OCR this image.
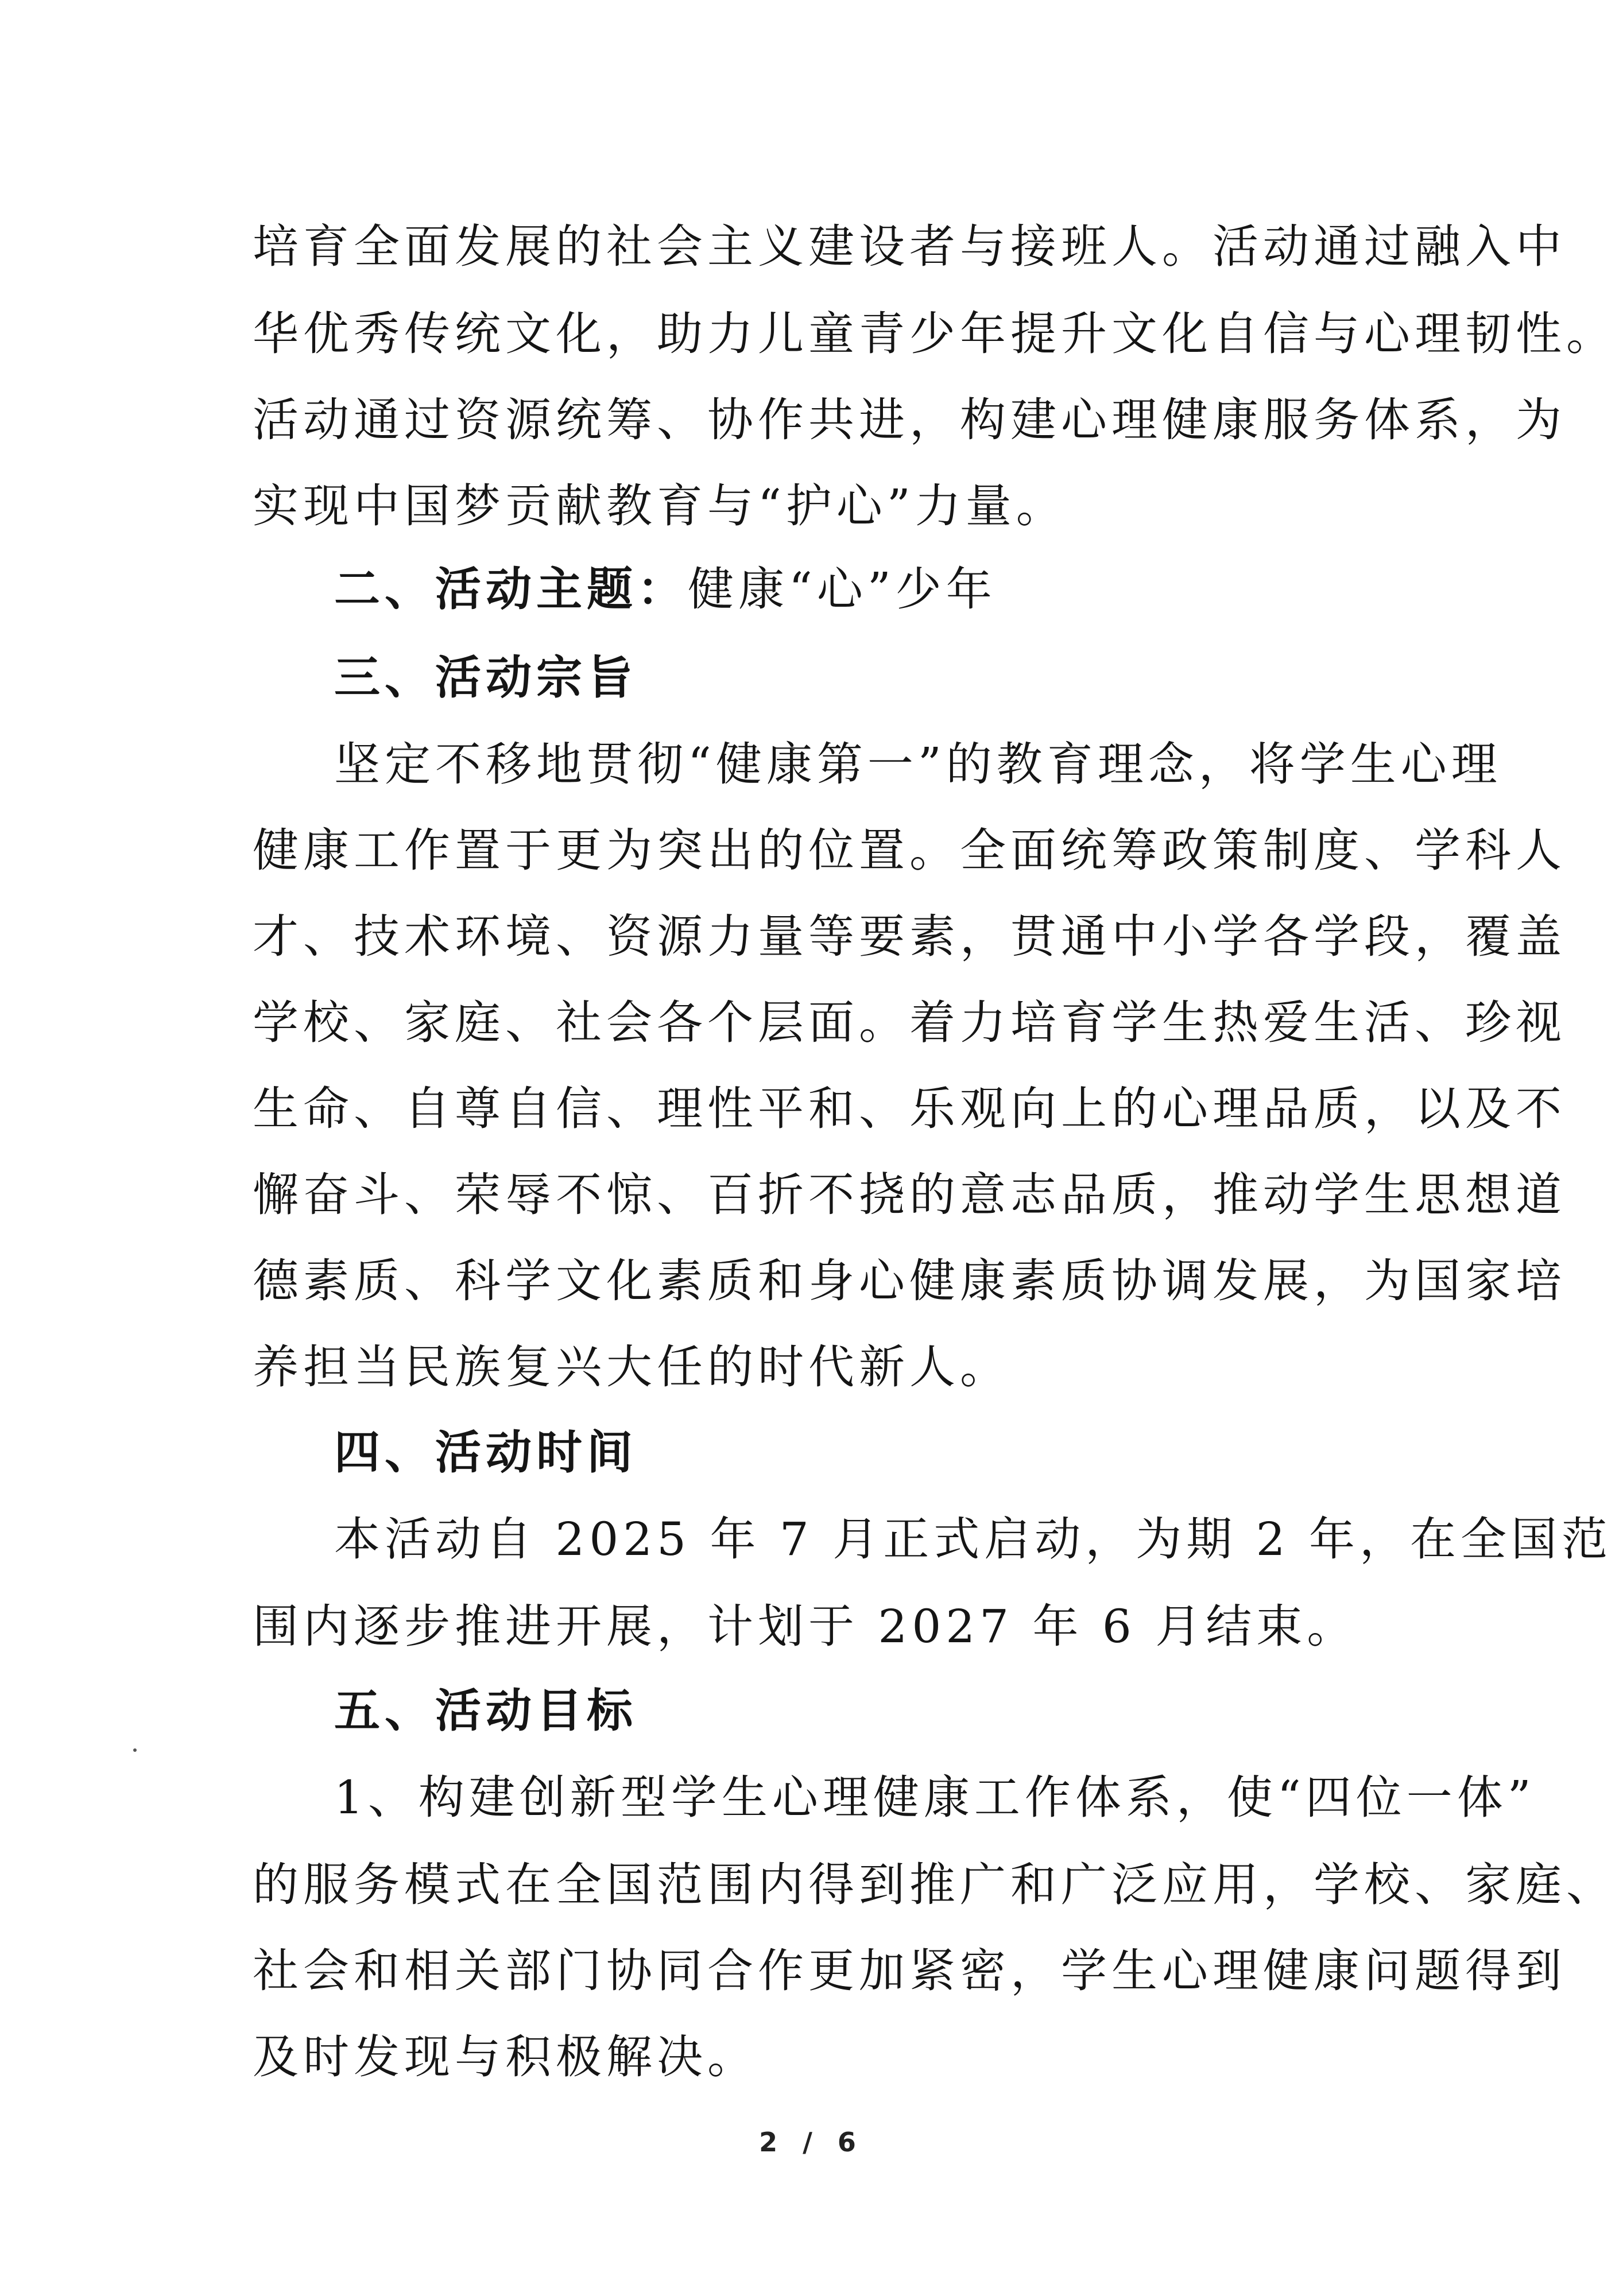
培育全面发展的社会主义建设者与接班人。活动通过融入中
华优秀传统文化，助力儿童青少年提升文化自信与心理韧性。
活动通过资源统筹、协作共进，构建心理健康服务体系，为
实现中国梦贡献教育与“护心”力量。
二、活动主题：健康“心”少年
三、活动宗旨
坚定不移地贯彻“健康第一”的教育理念，将学生心理
健康工作置于更为突出的位置。全面统筹政策制度、学科人
才、技术环境、资源力量等要素，贯通中小学各学段，覆盖
学校、家庭、社会各个层面。着力培育学生热爱生活、珍视
生命、自尊自信、理性平和、乐观向上的心理品质，以及不
懈奋斗、荣辱不惊、百折不挠的意志品质，推动学生思想道
德素质、科学文化素质和身心健康素质协调发展，为国家培
养担当民族复兴大任的时代新人。
四、活动时间
本活动自 2025 年 7 月正式启动，为期 2 年，在全国范
围内逐步推进开展，计划于 2027 年 6 月结束。
五、活动目标
1、构建创新型学生心理健康工作体系，使“四位一体”
的服务模式在全国范围内得到推广和广泛应用，学校、家庭、
社会和相关部门协同合作更加紧密，学生心理健康问题得到
及时发现与积极解决。
2 / 6
